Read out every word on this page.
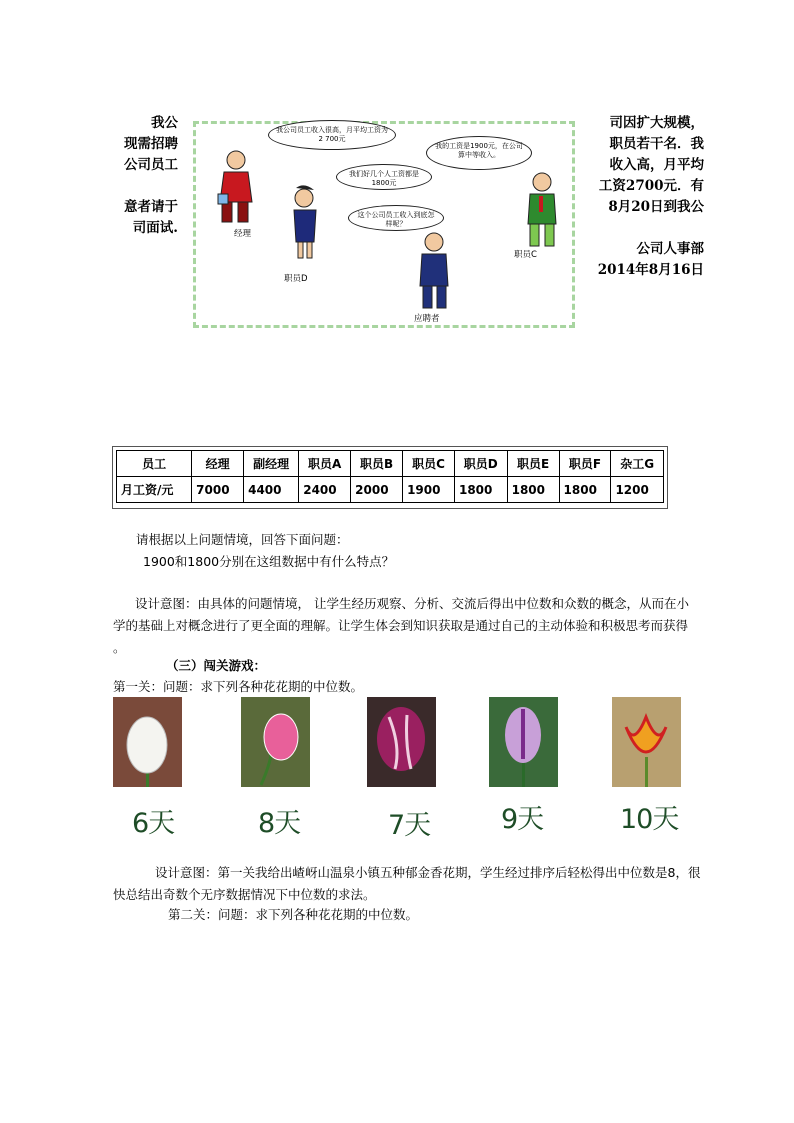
我公
现需招聘
公司员工
意者请于
司面试.
司因扩大规模，
职员若干名．我
收入高，月平均
工资2700元．有
8月20日到我公
公司人事部
2014年8月16日
我公司员工收入很高，月平均工资为2 700元
我的工资是1900元，在公司算中等收入。
我们好几个人工资都是1800元
这个公司员工收入到底怎样呢？
经理
职员D
职员C
应聘者
员工	经理	副经理	职员A	职员B	职员C	职员D	职员E	职员F	杂工G
月工资/元	7000	4400	2400	2000	1900	1800	1800	1800	1200
请根据以上问题情境，回答下面问题：
1900和1800分别在这组数据中有什么特点？
设计意图：由具体的问题情境， 让学生经历观察、分析、交流后得出中位数和众数的概念，从而在小学的基础上对概念进行了更全面的理解。让学生体会到知识获取是通过自己的主动体验和积极思考而获得 。
（三）闯关游戏：
第一关：问题：求下列各种花花期的中位数。
6天	8天	7天	9天	10天
设计意图：第一关我给出嵖岈山温泉小镇五种郁金香花期，学生经过排序后轻松得出中位数是8，很快总结出奇数个无序数据情况下中位数的求法。
第二关：问题：求下列各种花花期的中位数。
